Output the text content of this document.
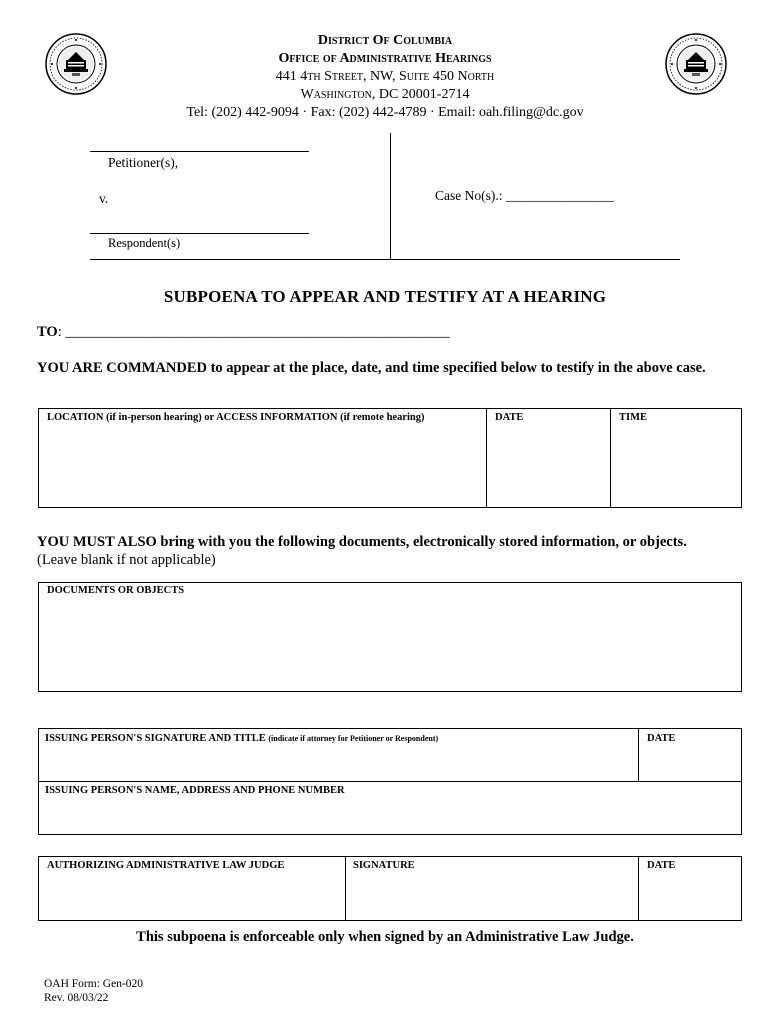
District Of Columbia
Office of Administrative Hearings
441 4th Street, NW, Suite 450 North
Washington, DC 20001-2714
Tel: (202) 442-9094 · Fax: (202) 442-4789 · Email: oah.filing@dc.gov
Petitioner(s),
v.
Respondent(s)
Case No(s).: ________________
SUBPOENA TO APPEAR AND TESTIFY AT A HEARING
TO: _____________________________________________________
YOU ARE COMMANDED to appear at the place, date, and time specified below to testify in the above case.
LOCATION (if in-person hearing) or ACCESS INFORMATION (if remote hearing)	DATE	TIME
YOU MUST ALSO bring with you the following documents, electronically stored information, or objects.
(Leave blank if not applicable)
DOCUMENTS OR OBJECTS
ISSUING PERSON'S SIGNATURE AND TITLE (indicate if attorney for Petitioner or Respondent)	DATE
ISSUING PERSON'S NAME, ADDRESS AND PHONE NUMBER
AUTHORIZING ADMINISTRATIVE LAW JUDGE	SIGNATURE	DATE
This subpoena is enforceable only when signed by an Administrative Law Judge.
OAH Form: Gen-020
Rev. 08/03/22
